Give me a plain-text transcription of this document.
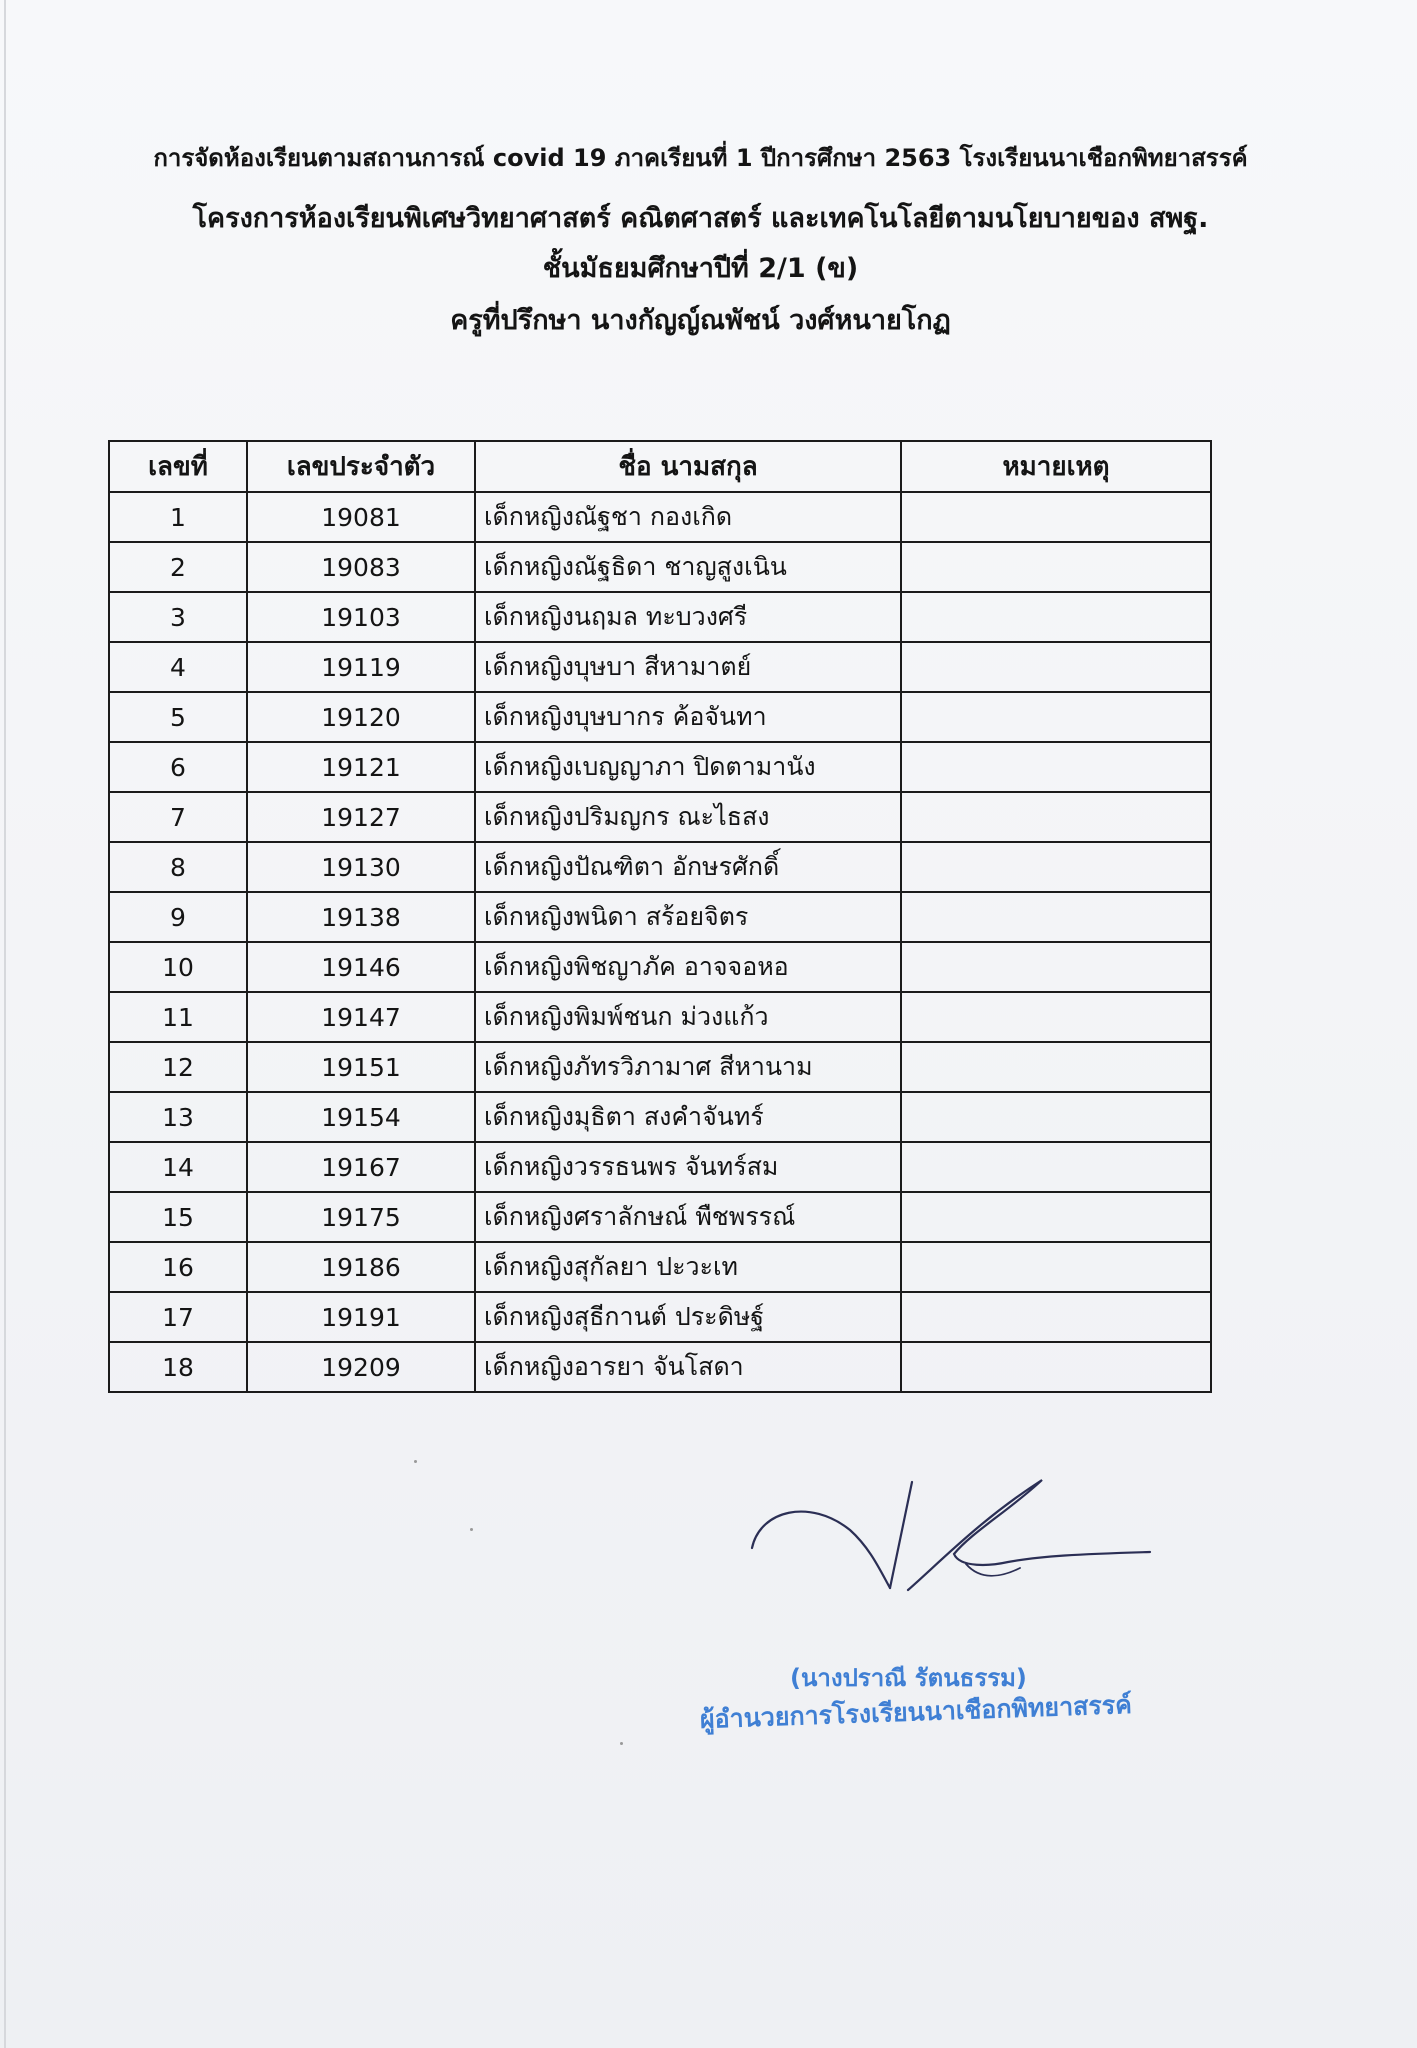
การจัดห้องเรียนตามสถานการณ์ covid 19 ภาคเรียนที่ 1 ปีการศึกษา 2563 โรงเรียนนาเชือกพิทยาสรรค์
โครงการห้องเรียนพิเศษวิทยาศาสตร์ คณิตศาสตร์ และเทคโนโลยีตามนโยบายของ สพฐ.
ชั้นมัธยมศึกษาปีที่ 2/1 (ข)
ครูที่ปรึกษา นางกัญญ์ณพัชน์ วงศ์หนายโกฏ
เลขที่	เลขประจำตัว	ชื่อ นามสกุล	หมายเหตุ
1	19081	เด็กหญิงณัฐชา กองเกิด	
2	19083	เด็กหญิงณัฐธิดา ชาญสูงเนิน	
3	19103	เด็กหญิงนฤมล ทะบวงศรี	
4	19119	เด็กหญิงบุษบา สีหามาตย์	
5	19120	เด็กหญิงบุษบากร ค้อจันทา	
6	19121	เด็กหญิงเบญญาภา ปิดตามานัง	
7	19127	เด็กหญิงปริมญกร ณะไธสง	
8	19130	เด็กหญิงปัณฑิตา อักษรศักดิ์	
9	19138	เด็กหญิงพนิดา สร้อยจิตร	
10	19146	เด็กหญิงพิชญาภัค อาจจอหอ	
11	19147	เด็กหญิงพิมพ์ชนก ม่วงแก้ว	
12	19151	เด็กหญิงภัทรวิภามาศ สีหานาม	
13	19154	เด็กหญิงมุธิตา สงคำจันทร์	
14	19167	เด็กหญิงวรรธนพร จันทร์สม	
15	19175	เด็กหญิงศราลักษณ์ พืชพรรณ์	
16	19186	เด็กหญิงสุกัลยา ปะวะเท	
17	19191	เด็กหญิงสุธีกานต์ ประดิษฐ์	
18	19209	เด็กหญิงอารยา จันโสดา	
(นางปราณี รัตนธรรม)
ผู้อำนวยการโรงเรียนนาเชือกพิทยาสรรค์
